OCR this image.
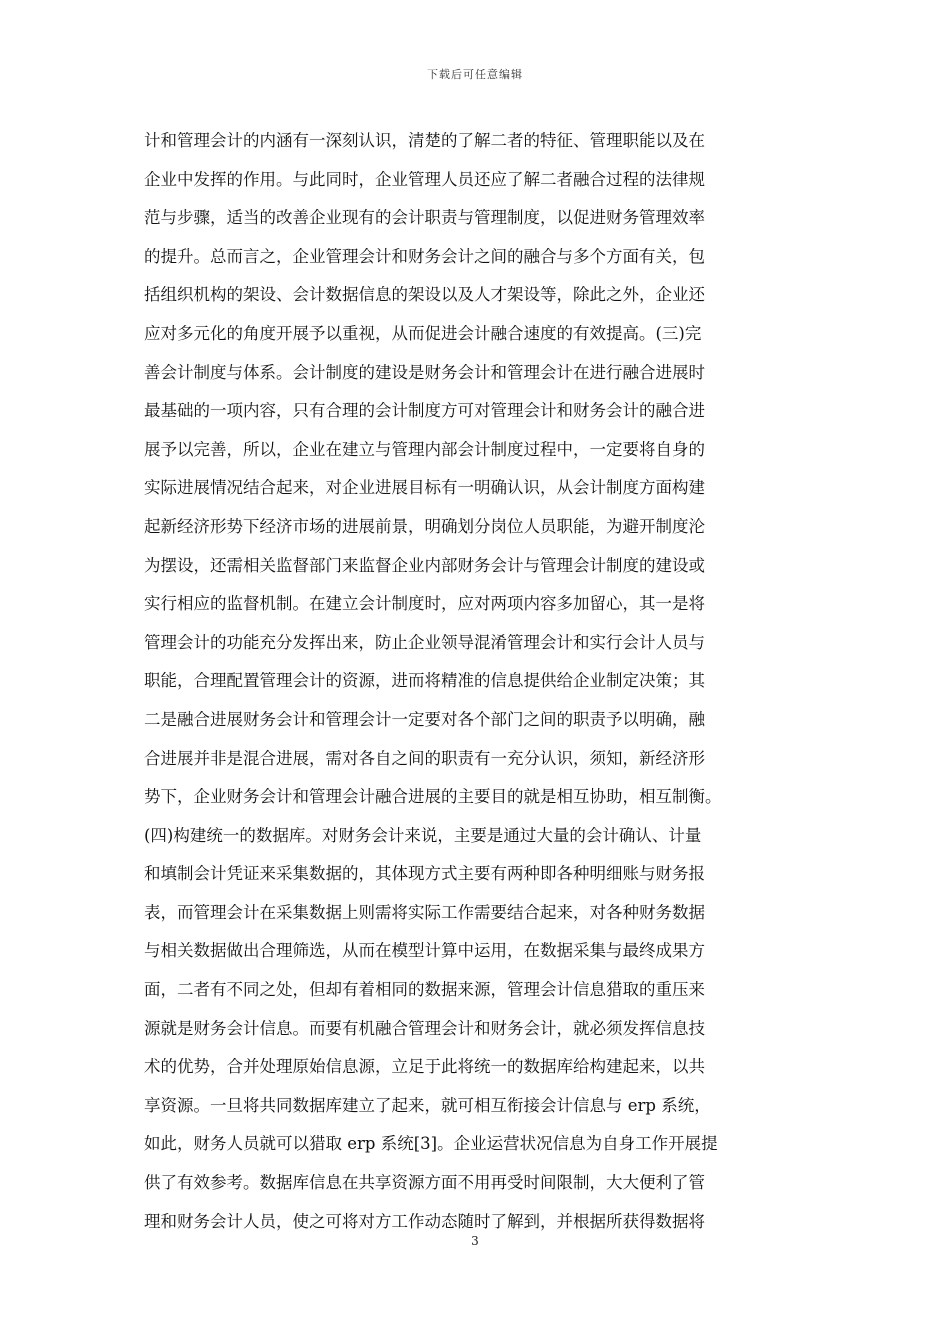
下载后可任意编辑
计和管理会计的内涵有一深刻认识，清楚的了解二者的特征、管理职能以及在
企业中发挥的作用。与此同时，企业管理人员还应了解二者融合过程的法律规
范与步骤，适当的改善企业现有的会计职责与管理制度，以促进财务管理效率
的提升。总而言之，企业管理会计和财务会计之间的融合与多个方面有关，包
括组织机构的架设、会计数据信息的架设以及人才架设等，除此之外，企业还
应对多元化的角度开展予以重视，从而促进会计融合速度的有效提高。(三)完
善会计制度与体系。会计制度的建设是财务会计和管理会计在进行融合进展时
最基础的一项内容，只有合理的会计制度方可对管理会计和财务会计的融合进
展予以完善，所以，企业在建立与管理内部会计制度过程中，一定要将自身的
实际进展情况结合起来，对企业进展目标有一明确认识，从会计制度方面构建
起新经济形势下经济市场的进展前景，明确划分岗位人员职能，为避开制度沦
为摆设，还需相关监督部门来监督企业内部财务会计与管理会计制度的建设或
实行相应的监督机制。在建立会计制度时，应对两项内容多加留心，其一是将
管理会计的功能充分发挥出来，防止企业领导混淆管理会计和实行会计人员与
职能，合理配置管理会计的资源，进而将精准的信息提供给企业制定决策；其
二是融合进展财务会计和管理会计一定要对各个部门之间的职责予以明确，融
合进展并非是混合进展，需对各自之间的职责有一充分认识，须知，新经济形
势下，企业财务会计和管理会计融合进展的主要目的就是相互协助，相互制衡。
(四)构建统一的数据库。对财务会计来说，主要是通过大量的会计确认、计量
和填制会计凭证来采集数据的，其体现方式主要有两种即各种明细账与财务报
表，而管理会计在采集数据上则需将实际工作需要结合起来，对各种财务数据
与相关数据做出合理筛选，从而在模型计算中运用，在数据采集与最终成果方
面，二者有不同之处，但却有着相同的数据来源，管理会计信息猎取的重压来
源就是财务会计信息。而要有机融合管理会计和财务会计，就必须发挥信息技
术的优势，合并处理原始信息源，立足于此将统一的数据库给构建起来，以共
享资源。一旦将共同数据库建立了起来，就可相互衔接会计信息与 erp 系统，
如此，财务人员就可以猎取 erp 系统[3]。企业运营状况信息为自身工作开展提
供了有效参考。数据库信息在共享资源方面不用再受时间限制，大大便利了管
理和财务会计人员，使之可将对方工作动态随时了解到，并根据所获得数据将
3
